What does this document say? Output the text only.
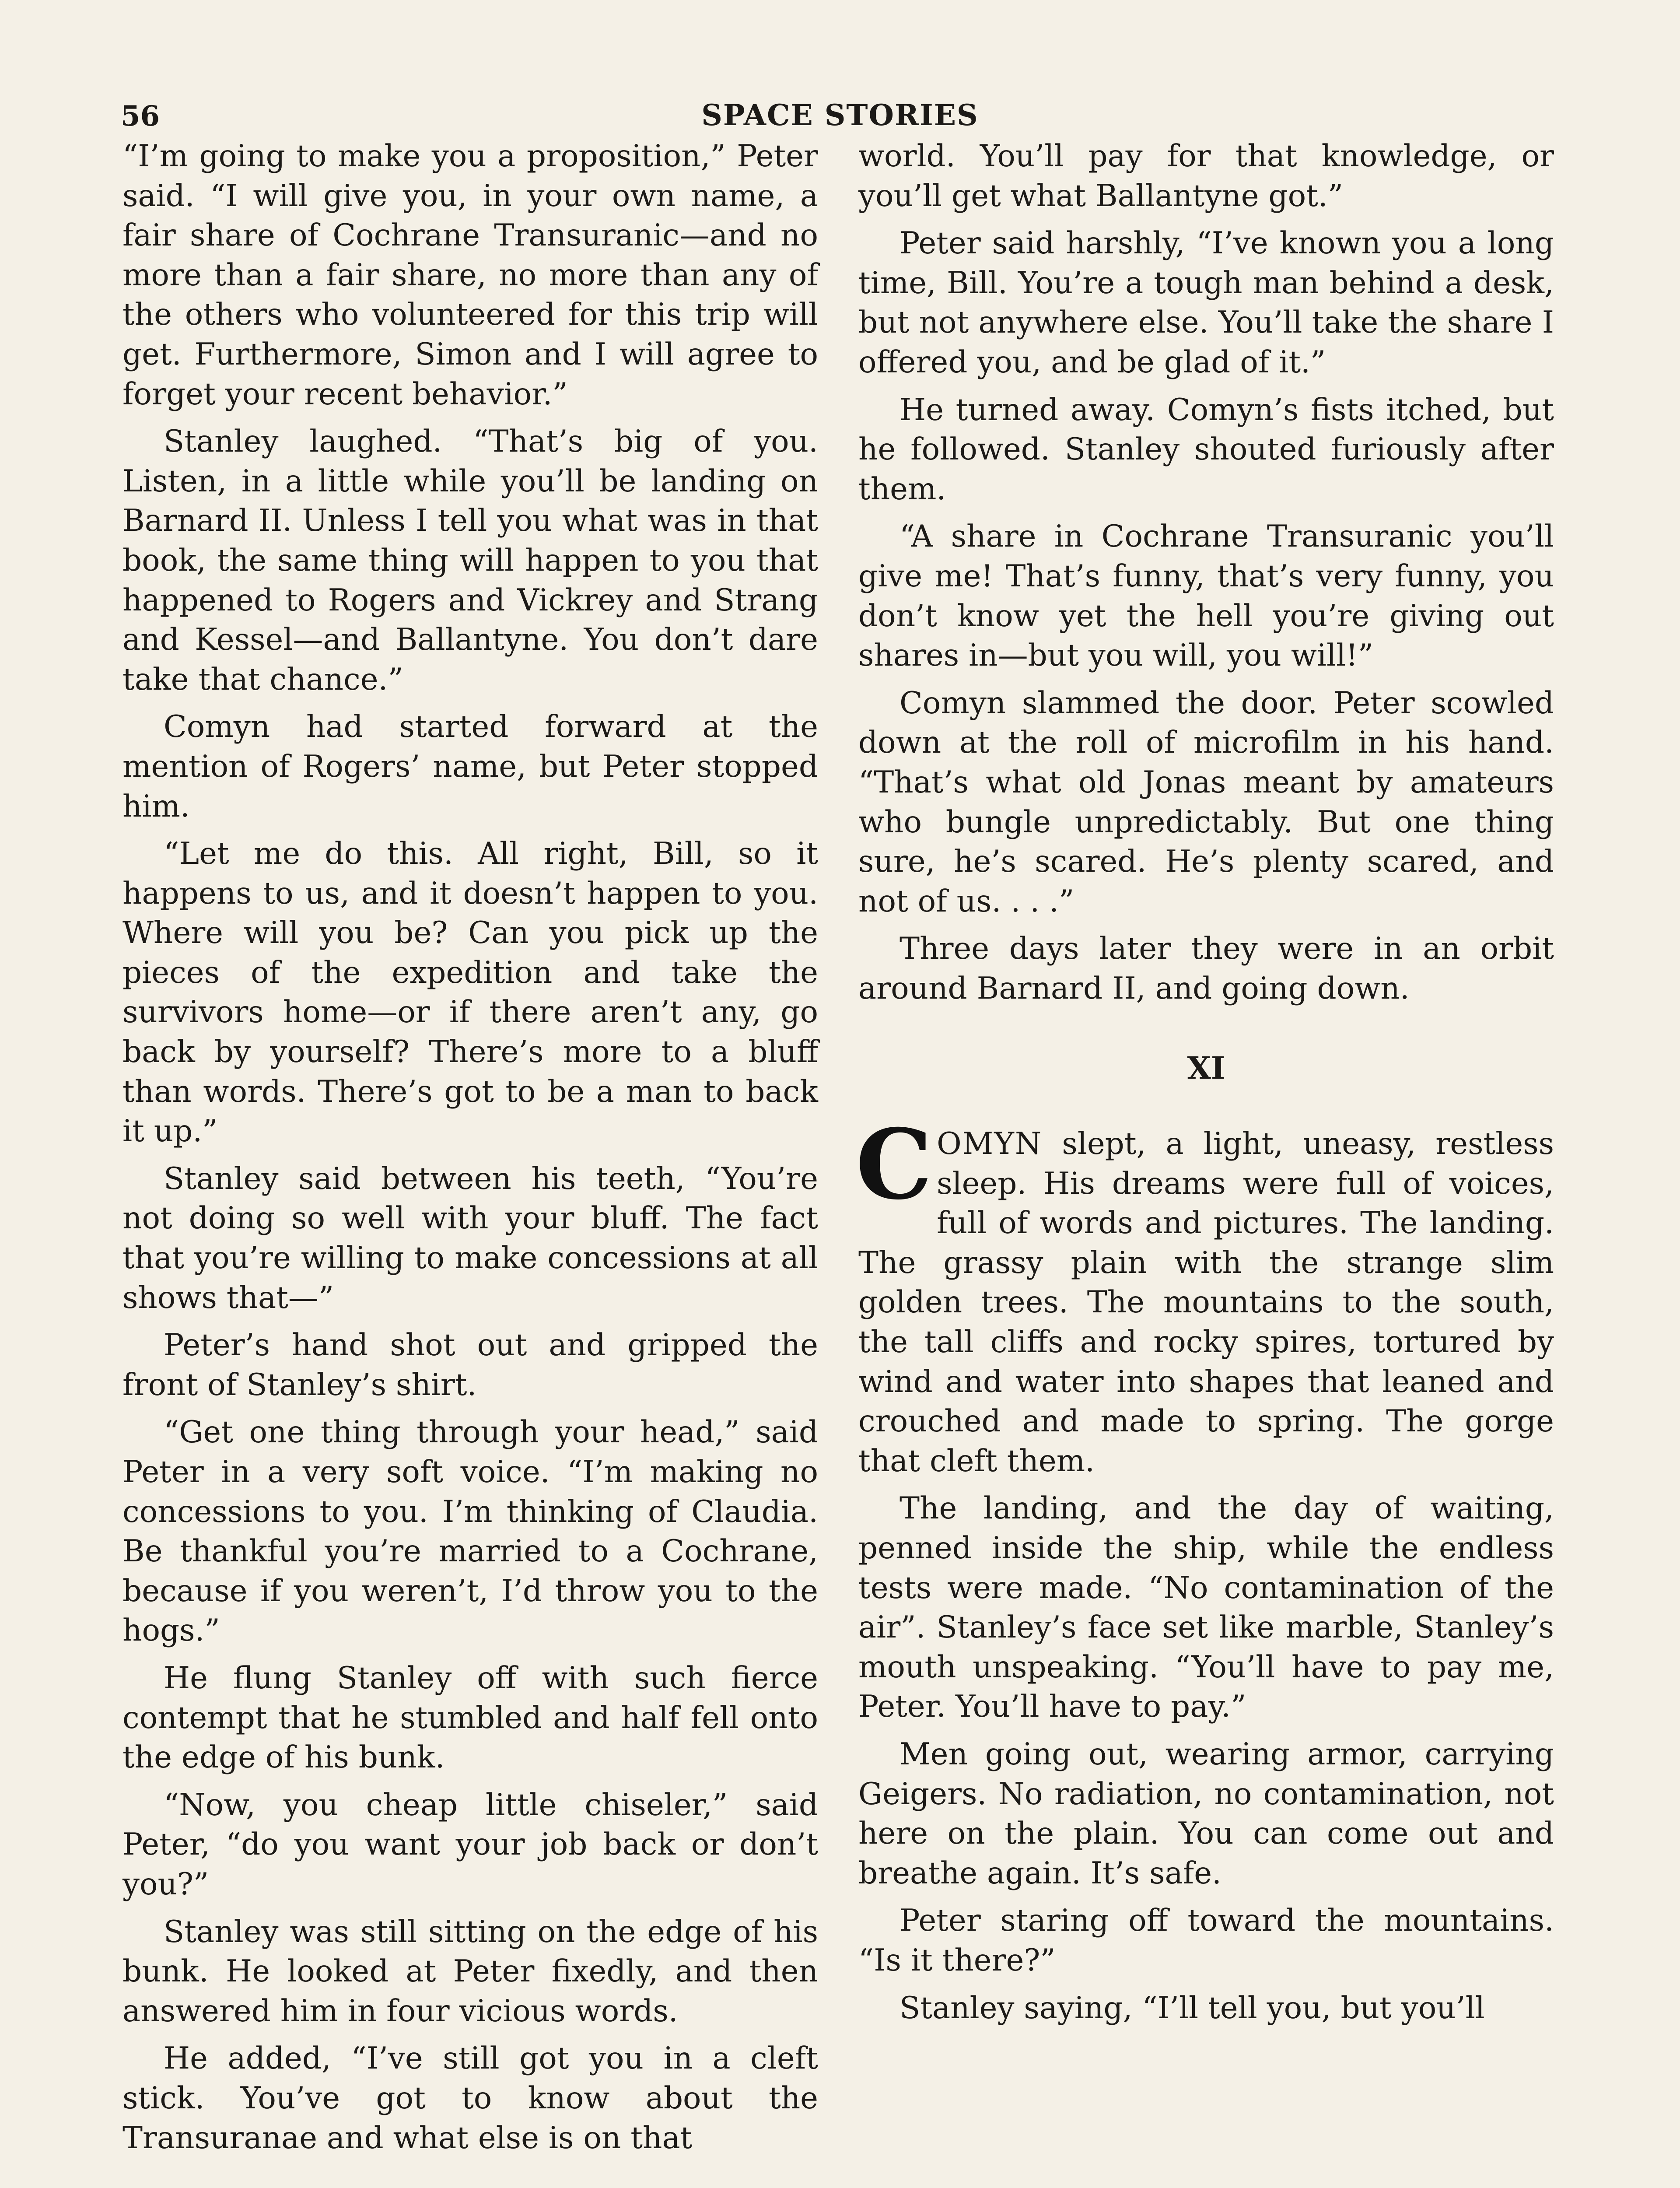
56	SPACE STORIES

“I’m going to make you a proposition,” Peter said. “I will give you, in your own name, a fair share of Cochrane Transuranic—and no more than a fair share, no more than any of the others who volunteered for this trip will get. Furthermore, Simon and I will agree to forget your recent behavior.”

Stanley laughed. “That’s big of you. Listen, in a little while you’ll be landing on Barnard II. Unless I tell you what was in that book, the same thing will happen to you that happened to Rogers and Vickrey and Strang and Kessel—and Ballantyne. You don’t dare take that chance.”

Comyn had started forward at the mention of Rogers’ name, but Peter stopped him.

“Let me do this. All right, Bill, so it happens to us, and it doesn’t happen to you. Where will you be? Can you pick up the pieces of the expedition and take the survivors home—or if there aren’t any, go back by yourself? There’s more to a bluff than words. There’s got to be a man to back it up.”

Stanley said between his teeth, “You’re not doing so well with your bluff. The fact that you’re willing to make concessions at all shows that—”

Peter’s hand shot out and gripped the front of Stanley’s shirt.

“Get one thing through your head,” said Peter in a very soft voice. “I’m making no concessions to you. I’m thinking of Claudia. Be thankful you’re married to a Cochrane, because if you weren’t, I’d throw you to the hogs.”

He flung Stanley off with such fierce contempt that he stumbled and half fell onto the edge of his bunk.

“Now, you cheap little chiseler,” said Peter, “do you want your job back or don’t you?”

Stanley was still sitting on the edge of his bunk. He looked at Peter fixedly, and then answered him in four vicious words.

He added, “I’ve still got you in a cleft stick. You’ve got to know about the Transuranae and what else is on that

world. You’ll pay for that knowledge, or you’ll get what Ballantyne got.”

Peter said harshly, “I’ve known you a long time, Bill. You’re a tough man behind a desk, but not anywhere else. You’ll take the share I offered you, and be glad of it.”

He turned away. Comyn’s fists itched, but he followed. Stanley shouted furiously after them.

“A share in Cochrane Transuranic you’ll give me! That’s funny, that’s very funny, you don’t know yet the hell you’re giving out shares in—but you will, you will!”

Comyn slammed the door. Peter scowled down at the roll of microfilm in his hand. “That’s what old Jonas meant by amateurs who bungle unpredictably. But one thing sure, he’s scared. He’s plenty scared, and not of us. . . .”

Three days later they were in an orbit around Barnard II, and going down.

XI

COMYN slept, a light, uneasy, restless sleep. His dreams were full of voices, full of words and pictures. The landing. The grassy plain with the strange slim golden trees. The mountains to the south, the tall cliffs and rocky spires, tortured by wind and water into shapes that leaned and crouched and made to spring. The gorge that cleft them.

The landing, and the day of waiting, penned inside the ship, while the endless tests were made. “No contamination of the air”. Stanley’s face set like marble, Stanley’s mouth unspeaking. “You’ll have to pay me, Peter. You’ll have to pay.”

Men going out, wearing armor, carrying Geigers. No radiation, no contamination, not here on the plain. You can come out and breathe again. It’s safe.

Peter staring off toward the mountains. “Is it there?”

Stanley saying, “I’ll tell you, but you’ll
